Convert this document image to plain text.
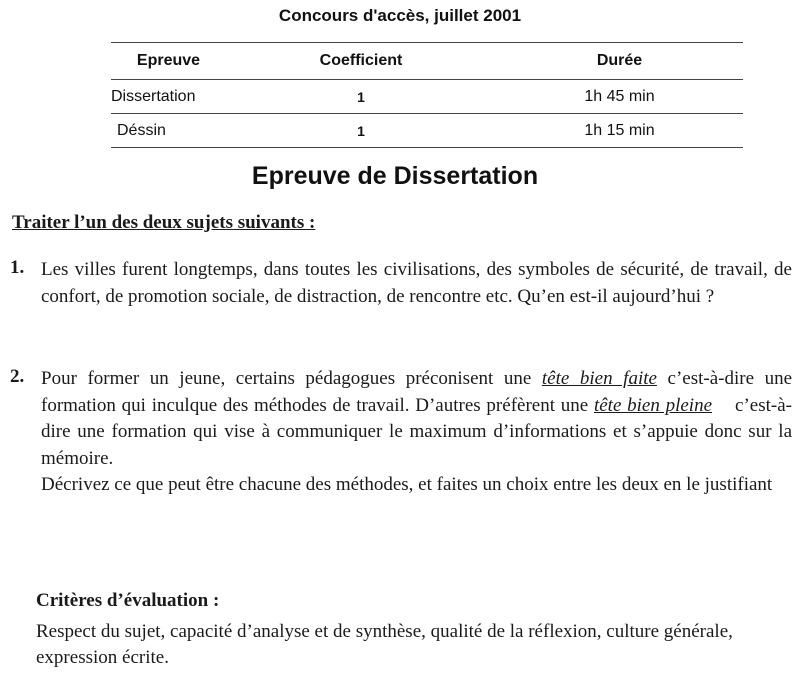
Concours d'accès, juillet 2001
Epreuve	Coefficient	Durée
Dissertation	1	1h 45 min
Déssin	1	1h 15 min
Epreuve de Dissertation
Traiter l’un des deux sujets suivants :
1. Les villes furent longtemps, dans toutes les civilisations, des symboles de sécurité, de travail, de confort, de promotion sociale, de distraction, de rencontre etc. Qu’en est-il aujourd’hui ?
2. Pour former un jeune, certains pédagogues préconisent une tête bien faite c’est-à-dire une formation qui inculque des méthodes de travail. D’autres préfèrent une tête bien pleine c’est-à-dire une formation qui vise à communiquer le maximum d’informations et s’appuie donc sur la mémoire.
Décrivez ce que peut être chacune des méthodes, et faites un choix entre les deux en le justifiant
Critères d’évaluation :
Respect du sujet, capacité d’analyse et de synthèse, qualité de la réflexion, culture générale, expression écrite.
